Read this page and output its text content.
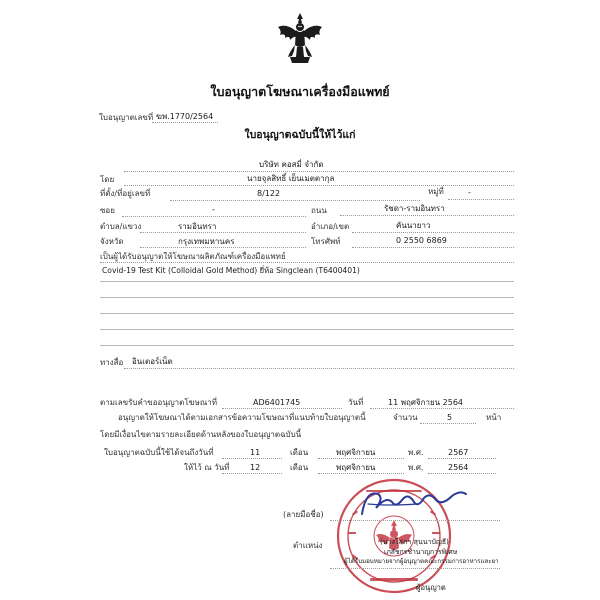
ใบอนุญาตโฆษณาเครื่องมือแพทย์
ใบอนุญาตเลขที่ ฆพ.1770/2564
ใบอนุญาตฉบับนี้ให้ไว้แก่
บริษัท คอสมี่ จำกัด
โดย	นายจุลสิทธิ์ เย็นเมตตากุล
ที่ตั้ง/ที่อยู่เลขที่	8/122	หมู่ที่	-
ซอย	-	ถนน	รัชดา-รามอินทรา
ตำบล/แขวง	รามอินทรา	อำเภอ/เขต	คันนายาว
จังหวัด	กรุงเทพมหานคร	โทรศัพท์	0 2550 6869
เป็นผู้ได้รับอนุญาตให้โฆษณาผลิตภัณฑ์เครื่องมือแพทย์
Covid-19 Test Kit (Colloidal Gold Method) ยี่ห้อ Singclean (T6400401)
ทางสื่อ อินเตอร์เน็ต
ตามเลขรับคำขออนุญาตโฆษณาที่	AD6401745	วันที่	11 พฤศจิกายน 2564
อนุญาตให้โฆษณาได้ตามเอกสารข้อความโฆษณาที่แนบท้ายใบอนุญาตนี้	จำนวน	5	หน้า
โดยมีเงื่อนไขตามรายละเอียดด้านหลังของใบอนุญาตฉบับนี้
ใบอนุญาตฉบับนี้ใช้ได้จนถึงวันที่	11	เดือน	พฤศจิกายน	พ.ศ.	2567
ให้ไว้ ณ วันที่	12	เดือน	พฤศจิกายน	พ.ศ.	2564
(ลายมือชื่อ)
ตำแหน่ง	(นางโสภา สุนนาบัญธี)
เภสัชกรชำนาญการพิเศษ
ผู้ได้รับมอบหมายจากผู้อนุญาตคณะกรรมการอาหารและยา
ผู้อนุญาต
